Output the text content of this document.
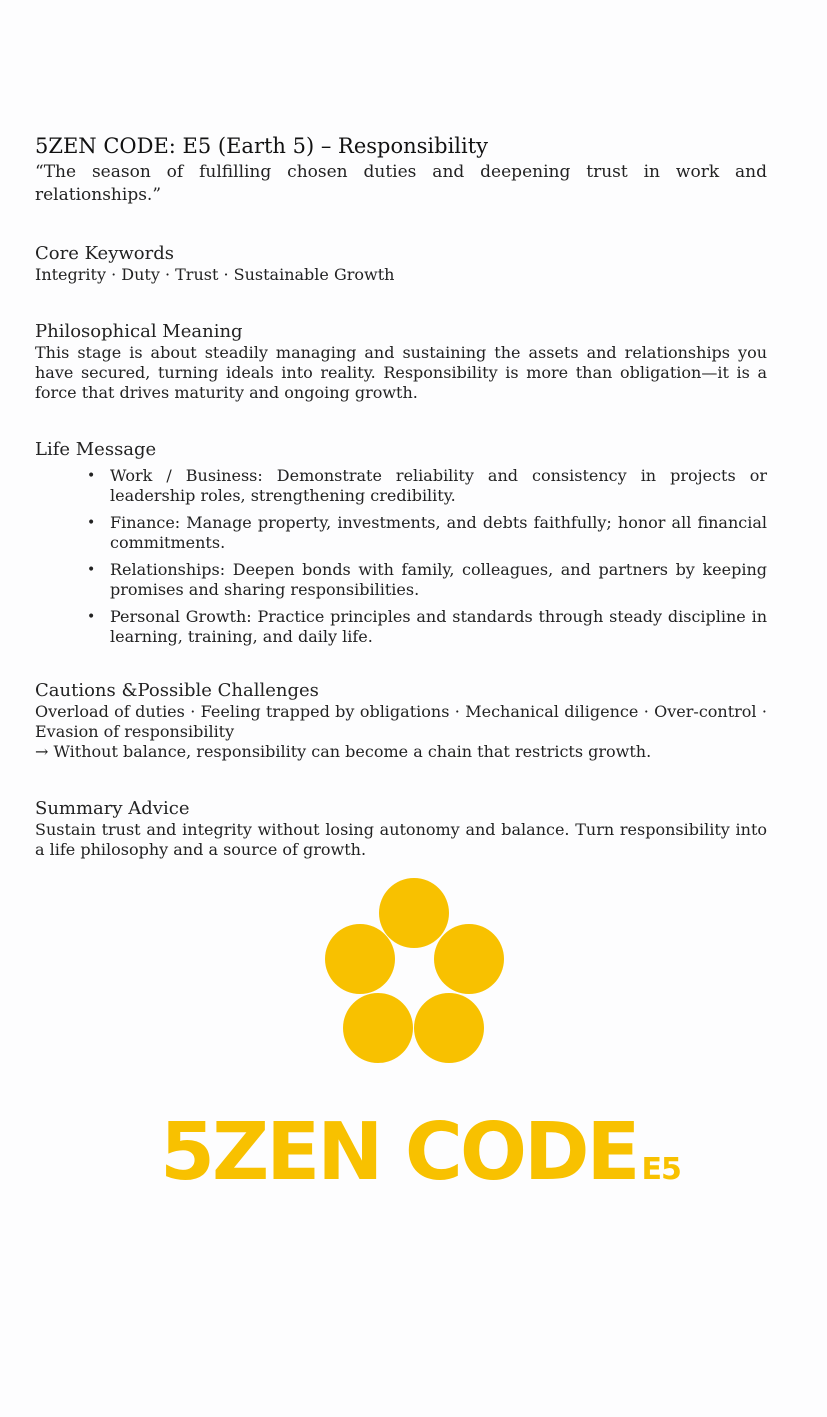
5ZEN CODE: E5 (Earth 5) – Responsibility

“The season of fulfilling chosen duties and deepening trust in work and relationships.”

Core Keywords

Integrity · Duty · Trust · Sustainable Growth

Philosophical Meaning

This stage is about steadily managing and sustaining the assets and relationships you have secured, turning ideals into reality. Responsibility is more than obligation—it is a force that drives maturity and ongoing growth.

Life Message
• Work / Business: Demonstrate reliability and consistency in projects or leadership roles, strengthening credibility.
• Finance: Manage property, investments, and debts faithfully; honor all financial commitments.
• Relationships: Deepen bonds with family, colleagues, and partners by keeping promises and sharing responsibilities.
• Personal Growth: Practice principles and standards through steady discipline in learning, training, and daily life.
Cautions &Possible Challenges

Overload of duties · Feeling trapped by obligations · Mechanical diligence · Over-control · Evasion of responsibility

→ Without balance, responsibility can become a chain that restricts growth.

Summary Advice

Sustain trust and integrity without losing autonomy and balance. Turn responsibility into a life philosophy and a source of growth.

5ZEN CODE E5
